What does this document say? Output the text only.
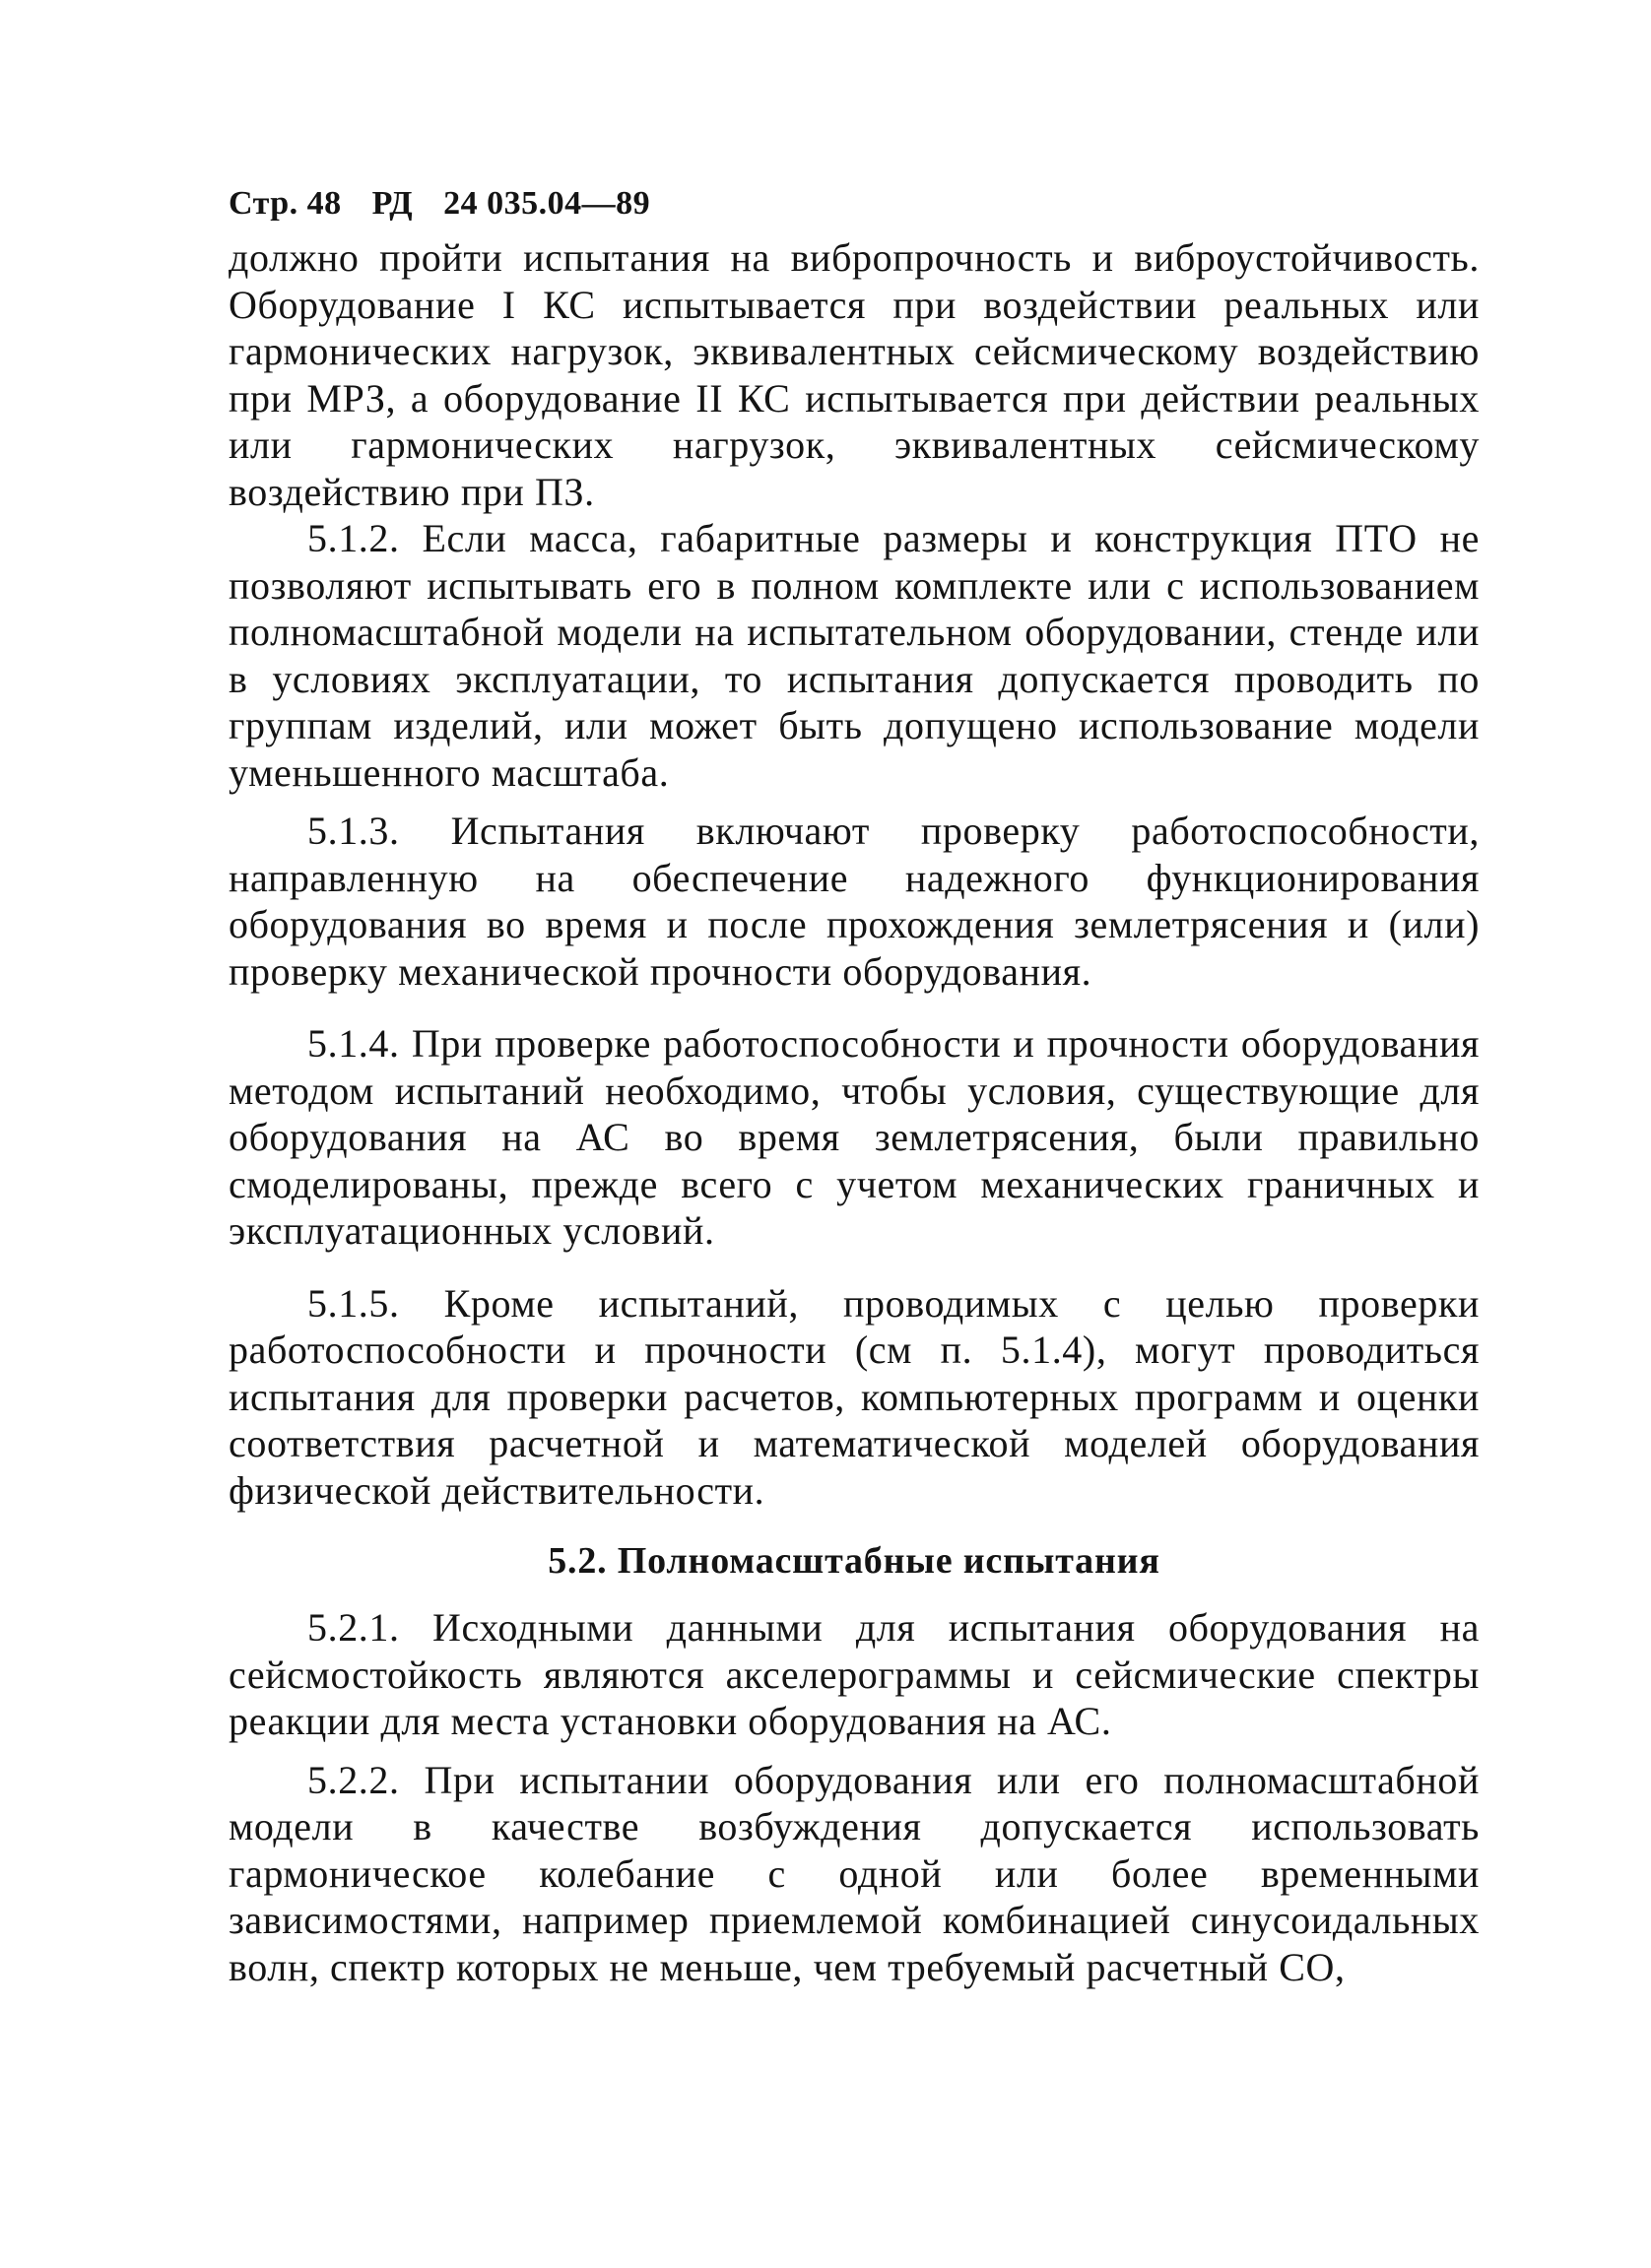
Стр. 48 РД 24 035.04—89

должно пройти испытания на вибропрочность и виброустойчивость. Оборудование I КС испытывается при воздействии реальных или гармонических нагрузок, эквивалентных сейсмическому воздействию при МРЗ, а оборудование II КС испытывается при действии реальных или гармонических нагрузок, эквивалентных сейсмическому воздействию при ПЗ.

5.1.2. Если масса, габаритные размеры и конструкция ПТО не позволяют испытывать его в полном комплекте или с использованием полномасштабной модели на испытательном оборудовании, стенде или в условиях эксплуатации, то испытания допускается проводить по группам изделий, или может быть допущено использование модели уменьшенного масштаба.

5.1.3. Испытания включают проверку работоспособности, направленную на обеспечение надежного функционирования оборудования во время и после прохождения землетрясения и (или) проверку механической прочности оборудования.

5.1.4. При проверке работоспособности и прочности оборудования методом испытаний необходимо, чтобы условия, существующие для оборудования на АС во время землетрясения, были правильно смоделированы, прежде всего с учетом механических граничных и эксплуатационных условий.

5.1.5. Кроме испытаний, проводимых с целью проверки работоспособности и прочности (см п. 5.1.4), могут проводиться испытания для проверки расчетов, компьютерных программ и оценки соответствия расчетной и математической моделей оборудования физической действительности.

5.2. Полномасштабные испытания

5.2.1. Исходными данными для испытания оборудования на сейсмостойкость являются акселерограммы и сейсмические спектры реакции для места установки оборудования на АС.

5.2.2. При испытании оборудования или его полномасштабной модели в качестве возбуждения допускается использовать гармоническое колебание с одной или более временными зависимостями, например приемлемой комбинацией синусоидальных волн, спектр которых не меньше, чем требуемый расчетный СО,
